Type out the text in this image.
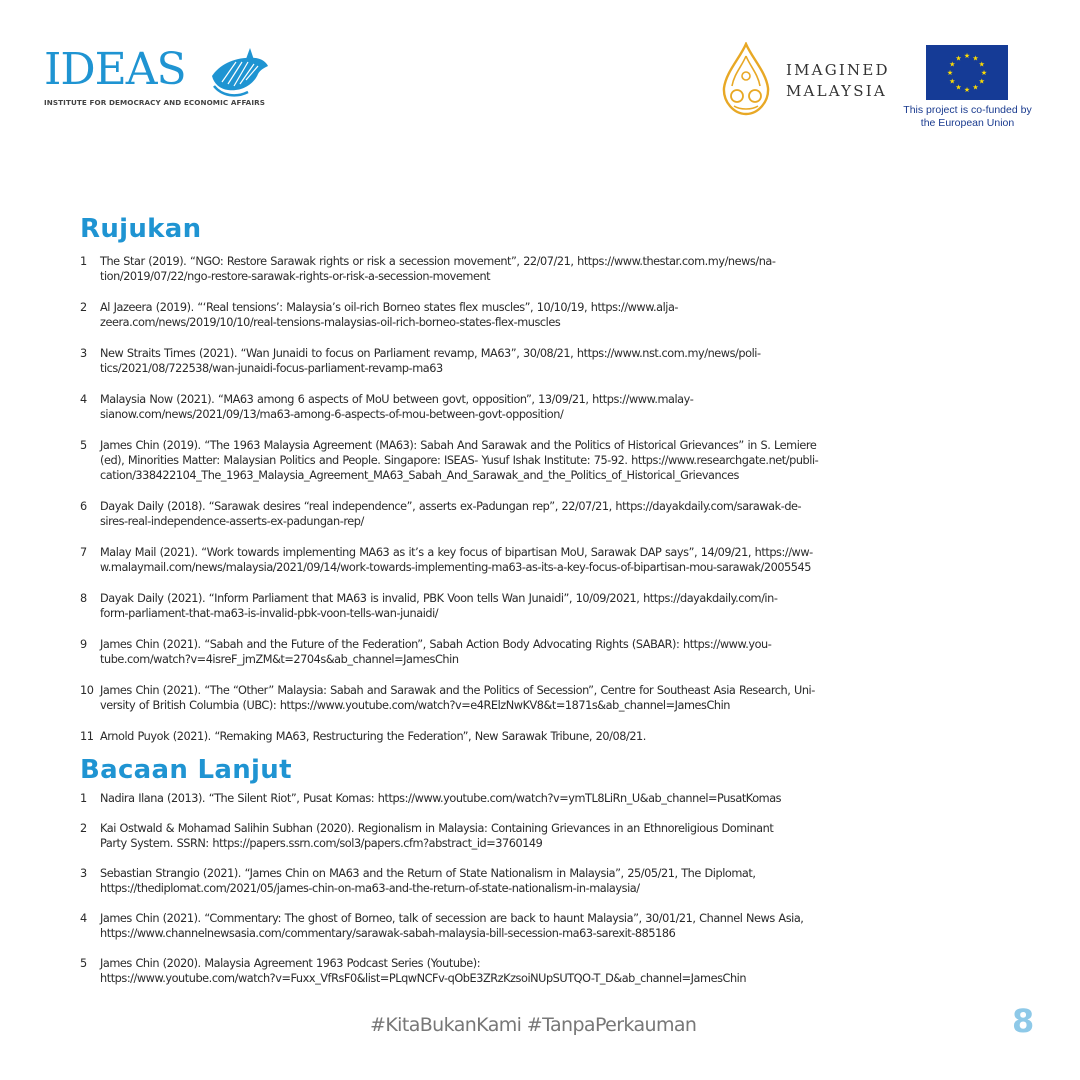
IDEAS
INSTITUTE FOR DEMOCRACY AND ECONOMIC AFFAIRS
IMAGINED
MALAYSIA
★ ★
★
★
★
★
★
★
★
★
★
★
This project is co-funded by
the European Union
Rujukan
1 The Star (2019). “NGO: Restore Sarawak rights or risk a secession movement”, 22/07/21, https://www.thestar.com.my/news/na-
tion/2019/07/22/ngo-restore-sarawak-rights-or-risk-a-secession-movement
2 Al Jazeera (2019). “‘Real tensions’: Malaysia’s oil-rich Borneo states flex muscles”, 10/10/19, https://www.alja-
zeera.com/news/2019/10/10/real-tensions-malaysias-oil-rich-borneo-states-flex-muscles
3 New Straits Times (2021). “Wan Junaidi to focus on Parliament revamp, MA63”, 30/08/21, https://www.nst.com.my/news/poli-
tics/2021/08/722538/wan-junaidi-focus-parliament-revamp-ma63
4 Malaysia Now (2021). “MA63 among 6 aspects of MoU between govt, opposition”, 13/09/21, https://www.malay-
sianow.com/news/2021/09/13/ma63-among-6-aspects-of-mou-between-govt-opposition/
5 James Chin (2019). “The 1963 Malaysia Agreement (MA63): Sabah And Sarawak and the Politics of Historical Grievances” in S. Lemiere
(ed), Minorities Matter: Malaysian Politics and People. Singapore: ISEAS- Yusuf Ishak Institute: 75-92. https://www.researchgate.net/publi-
cation/338422104_The_1963_Malaysia_Agreement_MA63_Sabah_And_Sarawak_and_the_Politics_of_Historical_Grievances
6 Dayak Daily (2018). “Sarawak desires “real independence”, asserts ex-Padungan rep”, 22/07/21, https://dayakdaily.com/sarawak-de-
sires-real-independence-asserts-ex-padungan-rep/
7 Malay Mail (2021). “Work towards implementing MA63 as it’s a key focus of bipartisan MoU, Sarawak DAP says”, 14/09/21, https://ww-
w.malaymail.com/news/malaysia/2021/09/14/work-towards-implementing-ma63-as-its-a-key-focus-of-bipartisan-mou-sarawak/2005545
8 Dayak Daily (2021). “Inform Parliament that MA63 is invalid, PBK Voon tells Wan Junaidi”, 10/09/2021, https://dayakdaily.com/in-
form-parliament-that-ma63-is-invalid-pbk-voon-tells-wan-junaidi/
9 James Chin (2021). “Sabah and the Future of the Federation”, Sabah Action Body Advocating Rights (SABAR): https://www.you-
tube.com/watch?v=4isreF_jmZM&t=2704s&ab_channel=JamesChin
10 James Chin (2021). “The “Other” Malaysia: Sabah and Sarawak and the Politics of Secession”, Centre for Southeast Asia Research, Uni-
versity of British Columbia (UBC): https://www.youtube.com/watch?v=e4RElzNwKV8&t=1871s&ab_channel=JamesChin
11 Arnold Puyok (2021). “Remaking MA63, Restructuring the Federation”, New Sarawak Tribune, 20/08/21.
Bacaan Lanjut
1 Nadira Ilana (2013). “The Silent Riot”, Pusat Komas: https://www.youtube.com/watch?v=ymTL8LiRn_U&ab_channel=PusatKomas
2 Kai Ostwald & Mohamad Salihin Subhan (2020). Regionalism in Malaysia: Containing Grievances in an Ethnoreligious Dominant
Party System. SSRN: https://papers.ssrn.com/sol3/papers.cfm?abstract_id=3760149
3 Sebastian Strangio (2021). “James Chin on MA63 and the Return of State Nationalism in Malaysia”, 25/05/21, The Diplomat,
https://thediplomat.com/2021/05/james-chin-on-ma63-and-the-return-of-state-nationalism-in-malaysia/
4 James Chin (2021). “Commentary: The ghost of Borneo, talk of secession are back to haunt Malaysia”, 30/01/21, Channel News Asia,
https://www.channelnewsasia.com/commentary/sarawak-sabah-malaysia-bill-secession-ma63-sarexit-885186
5 James Chin (2020). Malaysia Agreement 1963 Podcast Series (Youtube):
https://www.youtube.com/watch?v=Fuxx_VfRsF0&list=PLqwNCFv-qObE3ZRzKzsoiNUpSUTQO-T_D&ab_channel=JamesChin
#KitaBukanKami #TanpaPerkauman	8
